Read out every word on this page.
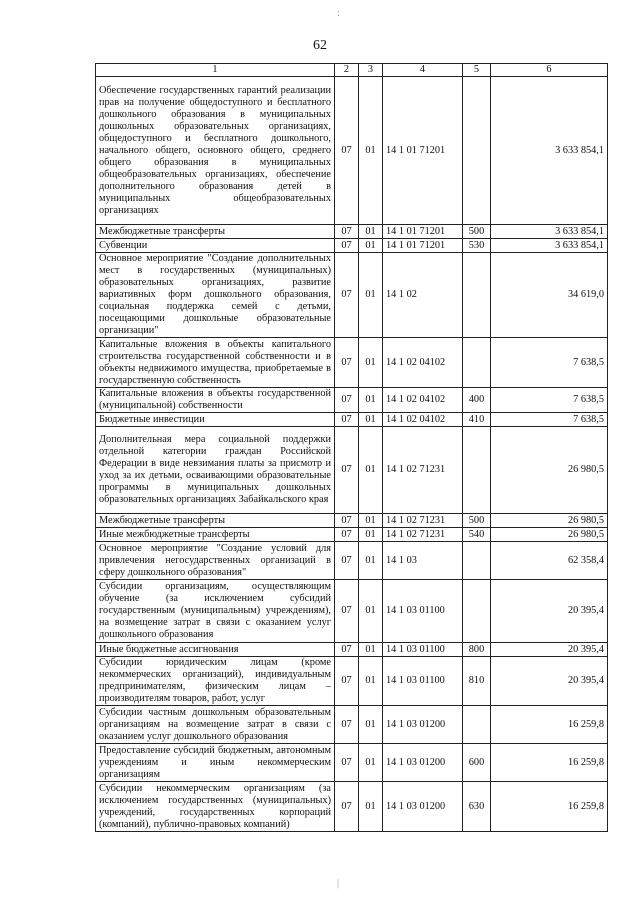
62
1	2	3	4	5	6
Обеспечение государственных гарантий реализации прав на получение общедоступного и бесплатного дошкольного образования в муниципальных дошкольных образовательных организациях, общедоступного и бесплатного дошкольного, начального общего, основного общего, среднего общего образования в муниципальных общеобразовательных организациях, обеспечение дополнительного образования детей в муниципальных общеобразовательных организациях	07	01	14 1 01 71201		3 633 854,1
Межбюджетные трансферты	07	01	14 1 01 71201	500	3 633 854,1
Субвенции	07	01	14 1 01 71201	530	3 633 854,1
Основное мероприятие "Создание дополнительных мест в государственных (муниципальных) образовательных организациях, развитие вариативных форм дошкольного образования, социальная поддержка семей с детьми, посещающими дошкольные образовательные организации"	07	01	14 1 02		34 619,0
Капитальные вложения в объекты капитального строительства государственной собственности и в объекты недвижимого имущества, приобретаемые в государственную собственность	07	01	14 1 02 04102		7 638,5
Капитальные вложения в объекты государственной (муниципальной) собственности	07	01	14 1 02 04102	400	7 638,5
Бюджетные инвестиции	07	01	14 1 02 04102	410	7 638,5
Дополнительная мера социальной поддержки отдельной категории граждан Российской Федерации в виде невзимания платы за присмотр и уход за их детьми, осваивающими образовательные программы в муниципальных дошкольных образовательных организациях Забайкальского края	07	01	14 1 02 71231		26 980,5
Межбюджетные трансферты	07	01	14 1 02 71231	500	26 980,5
Иные межбюджетные трансферты	07	01	14 1 02 71231	540	26 980,5
Основное мероприятие "Создание условий для привлечения негосударственных организаций в сферу дошкольного образования"	07	01	14 1 03		62 358,4
Субсидии организациям, осуществляющим обучение (за исключением субсидий государственным (муниципальным) учреждениям), на возмещение затрат в связи с оказанием услуг дошкольного образования	07	01	14 1 03 01100		20 395,4
Иные бюджетные ассигнования	07	01	14 1 03 01100	800	20 395,4
Субсидии юридическим лицам (кроме некоммерческих организаций), индивидуальным предпринимателям, физическим лицам – производителям товаров, работ, услуг	07	01	14 1 03 01100	810	20 395,4
Субсидии частным дошкольным образовательным организациям на возмещение затрат в связи с оказанием услуг дошкольного образования	07	01	14 1 03 01200		16 259,8
Предоставление субсидий бюджетным, автономным учреждениям и иным некоммерческим организациям	07	01	14 1 03 01200	600	16 259,8
Субсидии некоммерческим организациям (за исключением государственных (муниципальных) учреждений, государственных корпораций (компаний), публично-правовых компаний)	07	01	14 1 03 01200	630	16 259,8
:
|
